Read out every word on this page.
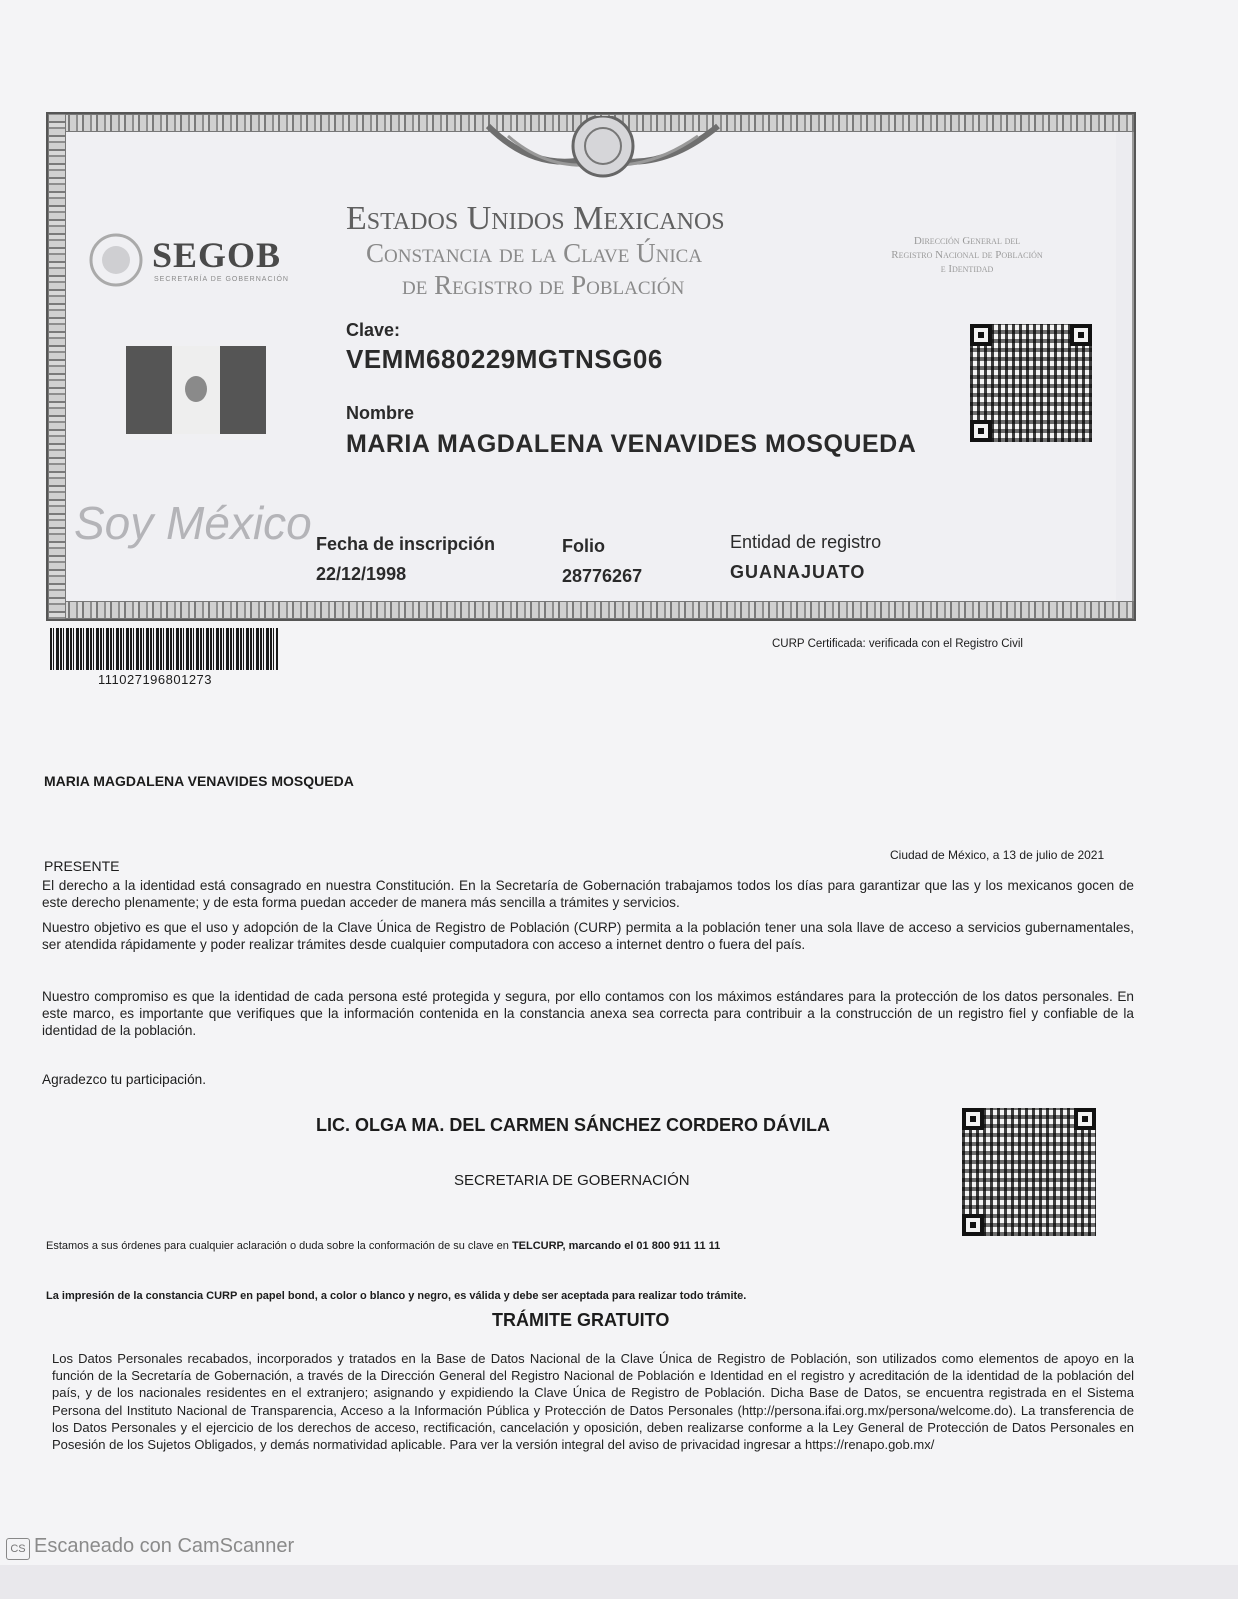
SEGOB
SECRETARÍA DE GOBERNACIÓN
Estados Unidos Mexicanos
Constancia de la Clave Única
de Registro de Población
Dirección General del
Registro Nacional de Población
e Identidad
Soy México
Clave:
VEMM680229MGTNSG06
Nombre
MARIA MAGDALENA VENAVIDES MOSQUEDA
Fecha de inscripción
22/12/1998
Folio
28776267
Entidad de registro
GUANAJUATO
111027196801273
CURP Certificada: verificada con el Registro Civil
MARIA MAGDALENA VENAVIDES MOSQUEDA
Ciudad de México, a 13 de julio de 2021
PRESENTE
El derecho a la identidad está consagrado en nuestra Constitución. En la Secretaría de Gobernación trabajamos todos los días para garantizar que las y los mexicanos gocen de este derecho plenamente; y de esta forma puedan acceder de manera más sencilla a trámites y servicios.
Nuestro objetivo es que el uso y adopción de la Clave Única de Registro de Población (CURP) permita a la población tener una sola llave de acceso a servicios gubernamentales, ser atendida rápidamente y poder realizar trámites desde cualquier computadora con acceso a internet dentro o fuera del país.
Nuestro compromiso es que la identidad de cada persona esté protegida y segura, por ello contamos con los máximos estándares para la protección de los datos personales. En este marco, es importante que verifiques que la información contenida en la constancia anexa sea correcta para contribuir a la construcción de un registro fiel y confiable de la identidad de la población.
Agradezco tu participación.
LIC. OLGA MA. DEL CARMEN SÁNCHEZ CORDERO DÁVILA
SECRETARIA DE GOBERNACIÓN
Estamos a sus órdenes para cualquier aclaración o duda sobre la conformación de su clave en TELCURP, marcando el 01 800 911 11 11
La impresión de la constancia CURP en papel bond, a color o blanco y negro, es válida y debe ser aceptada para realizar todo trámite.
TRÁMITE GRATUITO
Los Datos Personales recabados, incorporados y tratados en la Base de Datos Nacional de la Clave Única de Registro de Población, son utilizados como elementos de apoyo en la función de la Secretaría de Gobernación, a través de la Dirección General del Registro Nacional de Población e Identidad en el registro y acreditación de la identidad de la población del país, y de los nacionales residentes en el extranjero; asignando y expidiendo la Clave Única de Registro de Población. Dicha Base de Datos, se encuentra registrada en el Sistema Persona del Instituto Nacional de Transparencia, Acceso a la Información Pública y Protección de Datos Personales (http://persona.ifai.org.mx/persona/welcome.do). La transferencia de los Datos Personales y el ejercicio de los derechos de acceso, rectificación, cancelación y oposición, deben realizarse conforme a la Ley General de Protección de Datos Personales en Posesión de los Sujetos Obligados, y demás normatividad aplicable. Para ver la versión integral del aviso de privacidad ingresar a https://renapo.gob.mx/
CS Escaneado con CamScanner
